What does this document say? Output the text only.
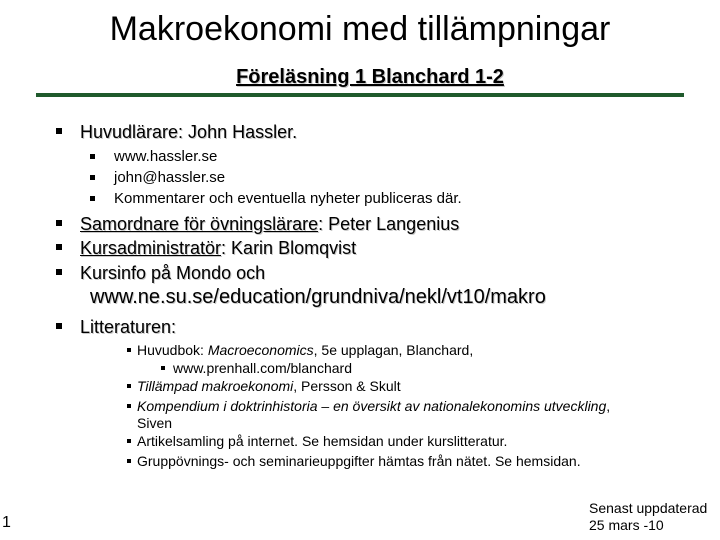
Makroekonomi med tillämpningar
Föreläsning 1 Blanchard 1-2
Huvudlärare: John Hassler.
www.hassler.se
john@hassler.se
Kommentarer och eventuella nyheter publiceras där.
Samordnare för övningslärare: Peter Langenius
Kursadministratör: Karin Blomqvist
Kursinfo på Mondo och
www.ne.su.se/education/grundniva/nekl/vt10/makro
Litteraturen:
Huvudbok: Macroeconomics, 5e upplagan, Blanchard,
www.prenhall.com/blanchard
Tillämpad makroekonomi, Persson & Skult
Kompendium i doktrinhistoria – en översikt av nationalekonomins utveckling,
Siven
Artikelsamling på internet. Se hemsidan under kurslitteratur.
Gruppövnings- och seminarieuppgifter hämtas från nätet. Se hemsidan.
1
Senast uppdaterad
25 mars -10
